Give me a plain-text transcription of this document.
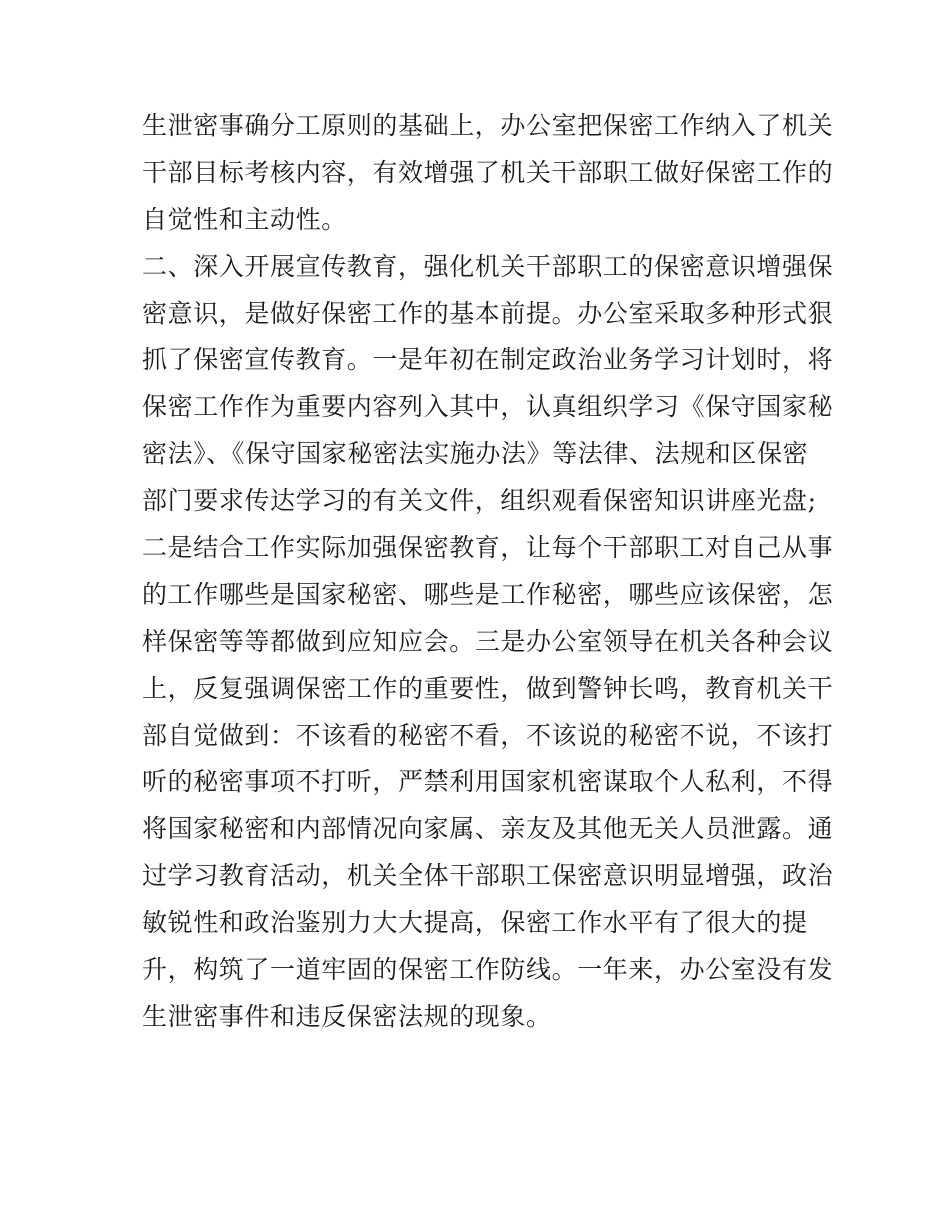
生泄密事确分工原则的基础上，办公室把保密工作纳入了机关
干部目标考核内容，有效增强了机关干部职工做好保密工作的
自觉性和主动性。
二、深入开展宣传教育，强化机关干部职工的保密意识增强保
密意识，是做好保密工作的基本前提。办公室采取多种形式狠
抓了保密宣传教育。一是年初在制定政治业务学习计划时，将
保密工作作为重要内容列入其中，认真组织学习《保守国家秘
密法》、《保守国家秘密法实施办法》等法律、法规和区保密
部门要求传达学习的有关文件，组织观看保密知识讲座光盘;
二是结合工作实际加强保密教育，让每个干部职工对自己从事
的工作哪些是国家秘密、哪些是工作秘密，哪些应该保密，怎
样保密等等都做到应知应会。三是办公室领导在机关各种会议
上，反复强调保密工作的重要性，做到警钟长鸣，教育机关干
部自觉做到：不该看的秘密不看，不该说的秘密不说，不该打
听的秘密事项不打听，严禁利用国家机密谋取个人私利，不得
将国家秘密和内部情况向家属、亲友及其他无关人员泄露。通
过学习教育活动，机关全体干部职工保密意识明显增强，政治
敏锐性和政治鉴别力大大提高，保密工作水平有了很大的提
升，构筑了一道牢固的保密工作防线。一年来，办公室没有发
生泄密事件和违反保密法规的现象。
